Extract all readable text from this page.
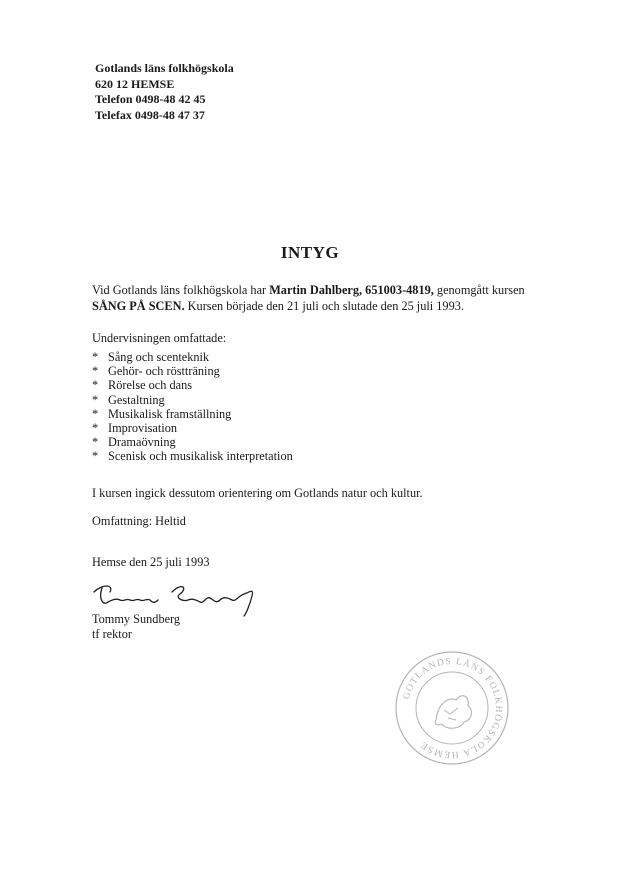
Gotlands läns folkhögskola
620 12 HEMSE
Telefon 0498-48 42 45
Telefax 0498-48 47 37
INTYG
Vid Gotlands läns folkhögskola har Martin Dahlberg, 651003-4819, genomgått kursen SÅNG PÅ SCEN. Kursen började den 21 juli och slutade den 25 juli 1993.
Undervisningen omfattade:
* Sång och scenteknik
* Gehör- och röstträning
* Rörelse och dans
* Gestaltning
* Musikalisk framställning
* Improvisation
* Dramaövning
* Scenisk och musikalisk interpretation
I kursen ingick dessutom orientering om Gotlands natur och kultur.
Omfattning: Heltid
Hemse den 25 juli 1993
Tommy Sundberg
tf rektor
GOTLANDS LÄNS FOLKHÖGSKOLA HEMSE
